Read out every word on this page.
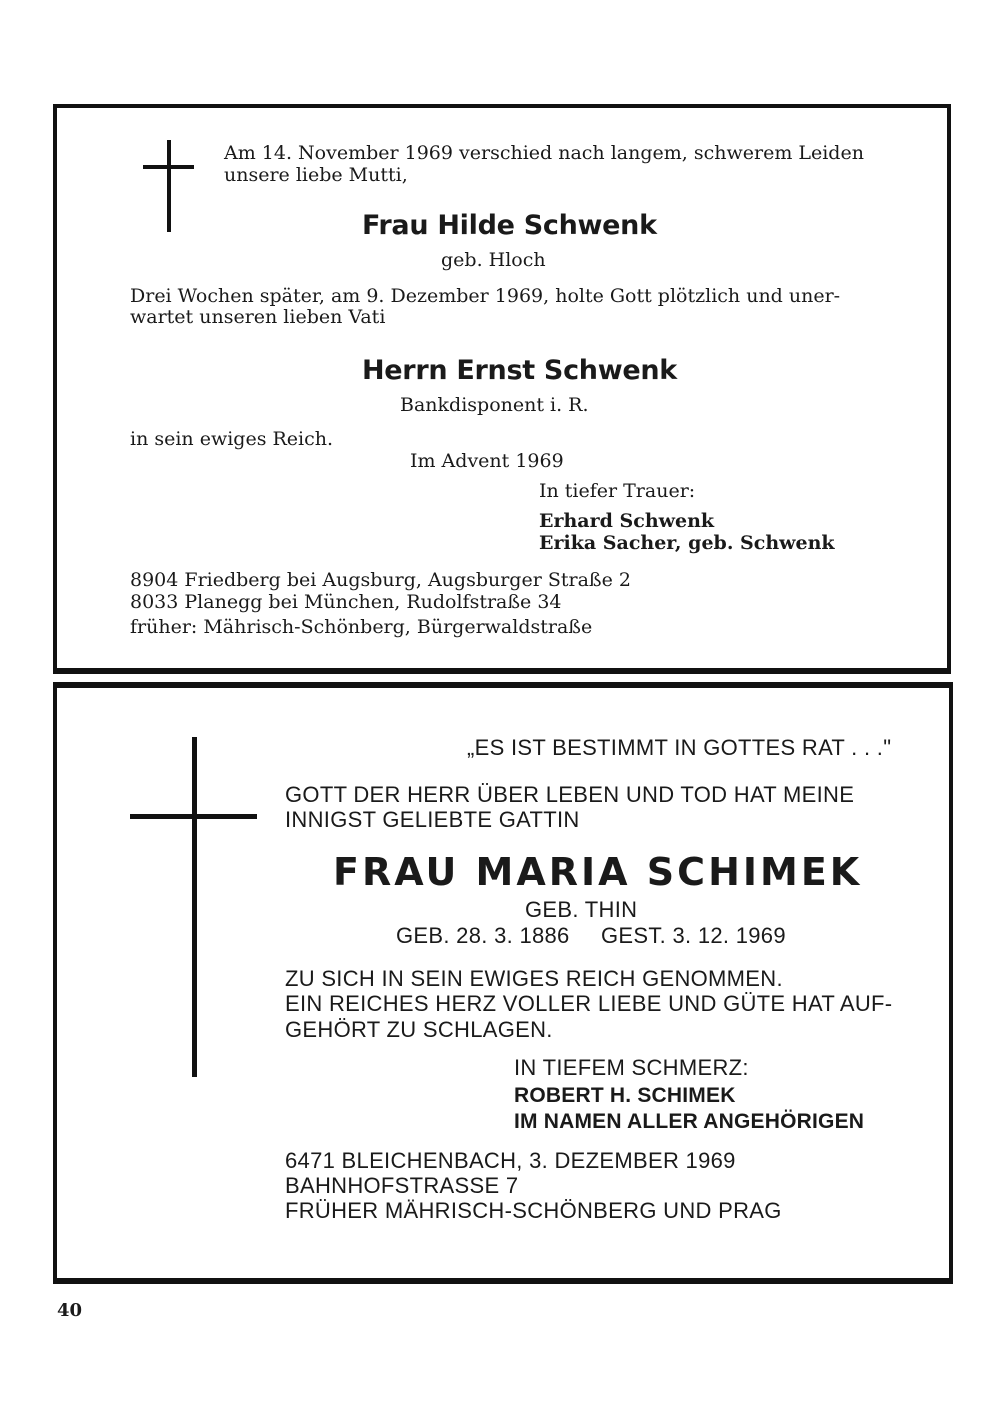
Am 14. November 1969 verschied nach langem, schwerem Leiden
unsere liebe Mutti,
Frau Hilde Schwenk
geb. Hloch
Drei Wochen später, am 9. Dezember 1969, holte Gott plötzlich und uner-
wartet unseren lieben Vati
Herrn Ernst Schwenk
Bankdisponent i. R.
in sein ewiges Reich.
Im Advent 1969
In tiefer Trauer:
Erhard Schwenk
Erika Sacher, geb. Schwenk
8904 Friedberg bei Augsburg, Augsburger Straße 2
8033 Planegg bei München, Rudolfstraße 34
früher: Mährisch-Schönberg, Bürgerwaldstraße
„ES IST BESTIMMT IN GOTTES RAT . . ."
GOTT DER HERR ÜBER LEBEN UND TOD HAT MEINE
INNIGST GELIEBTE GATTIN
FRAU MARIA SCHIMEK
GEB. THIN
GEB. 28. 3. 1886 GEST. 3. 12. 1969
ZU SICH IN SEIN EWIGES REICH GENOMMEN.
EIN REICHES HERZ VOLLER LIEBE UND GÜTE HAT AUF-
GEHÖRT ZU SCHLAGEN.
IN TIEFEM SCHMERZ:
ROBERT H. SCHIMEK
IM NAMEN ALLER ANGEHÖRIGEN
6471 BLEICHENBACH, 3. DEZEMBER 1969
BAHNHOFSTRASSE 7
FRÜHER MÄHRISCH-SCHÖNBERG UND PRAG
40
